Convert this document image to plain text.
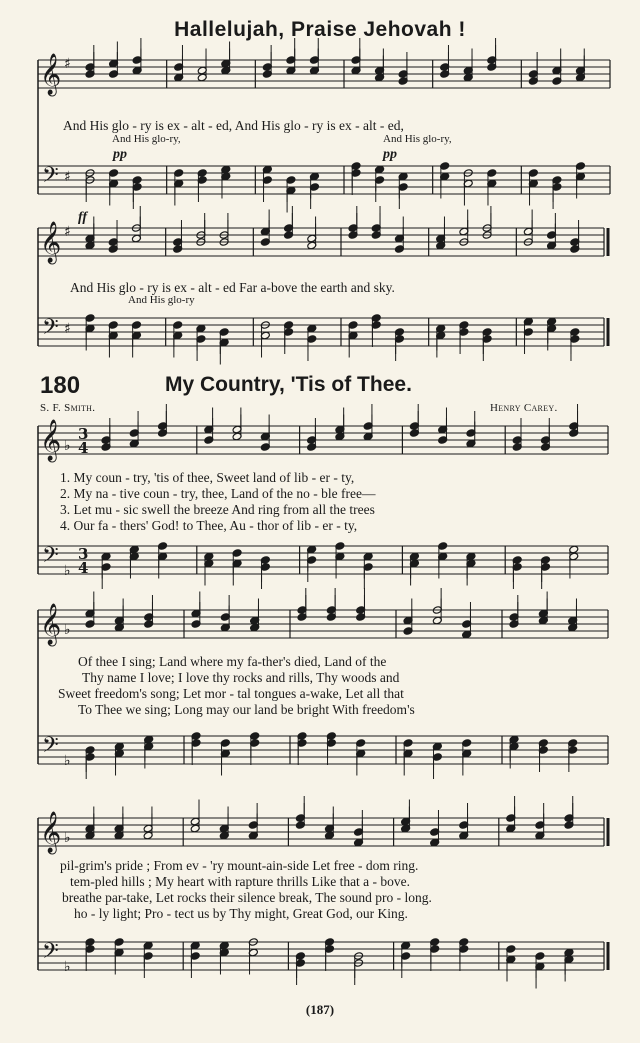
Hallelujah, Praise Jehovah !
And His glo - ry is ex - alt - ed, And His glo - ry is ex - alt - ed,
And His glo-ry,	And His glo-ry,
pp	pp
ff
And His glo - ry is ex - alt - ed Far a-bove the earth and sky.
And His glo-ry
180	My Country, 'Tis of Thee.
S. F. Smith.	Henry Carey.
1. My coun - try, 'tis of thee, Sweet land of lib - er - ty,
2. My na - tive coun - try, thee, Land of the no - ble free—
3. Let mu - sic swell the breeze And ring from all the trees
4. Our fa - thers' God! to Thee, Au - thor of lib - er - ty,
Of thee I sing; Land where my fa-ther's died, Land of the
Thy name I love; I love thy rocks and rills, Thy woods and
Sweet freedom's song; Let mor - tal tongues a-wake, Let all that
To Thee we sing; Long may our land be bright With freedom's
pil-grim's pride ; From ev - 'ry mount-ain-side Let free - dom ring.
tem-pled hills ; My heart with rapture thrills Like that a - bove.
breathe par-take, Let rocks their silence break, The sound pro - long.
ho - ly light; Pro - tect us by Thy might, Great God, our King.
(187)
𝄞
𝄢
♯
♯
𝄞
𝄢
♯
♯
𝄞
𝄢
♭
♭
3
4
3
4
𝄞
𝄢
♭
♭
𝄞
𝄢
♭
♭
